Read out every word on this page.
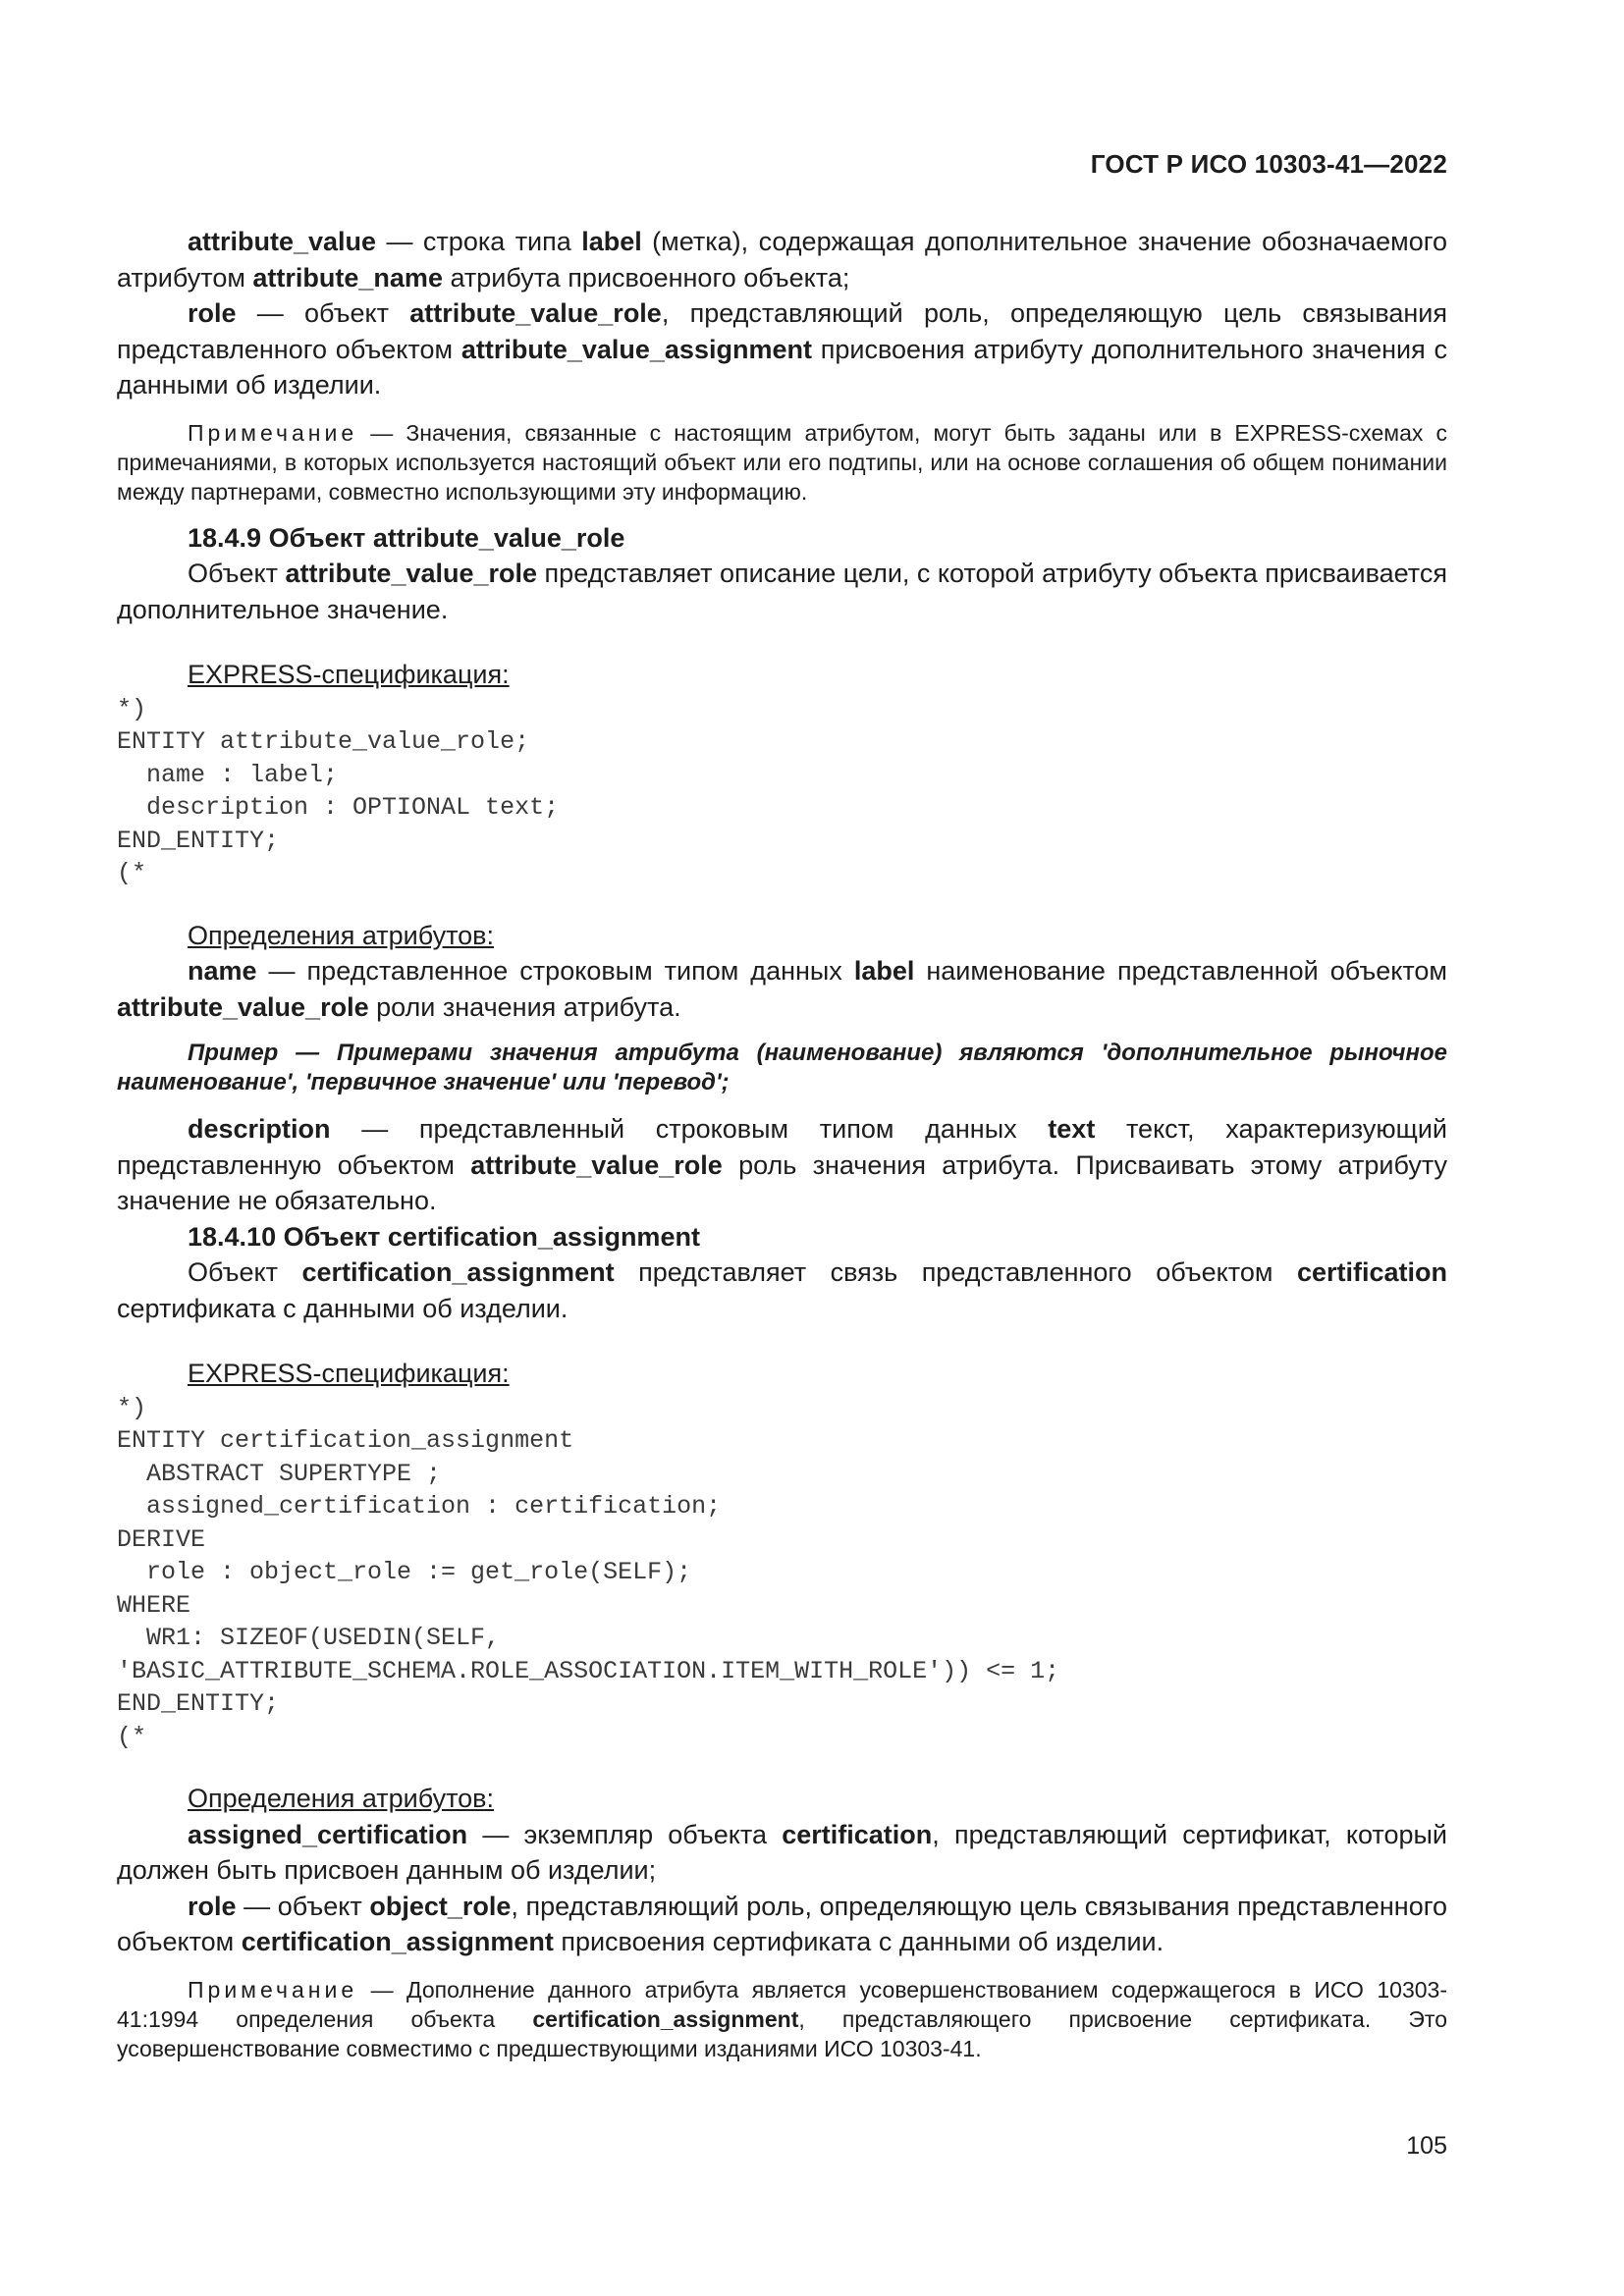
ГОСТ Р ИСО 10303-41—2022

attribute_value — строка типа label (метка), содержащая дополнительное значение обозначаемого атрибутом attribute_name атрибута присвоенного объекта;

role — объект attribute_value_role, представляющий роль, определяющую цель связывания представленного объектом attribute_value_assignment присвоения атрибуту дополнительного значения с данными об изделии.

Примечание — Значения, связанные с настоящим атрибутом, могут быть заданы или в EXPRESS-схемах с примечаниями, в которых используется настоящий объект или его подтипы, или на основе соглашения об общем понимании между партнерами, совместно использующими эту информацию.

18.4.9 Объект attribute_value_role

Объект attribute_value_role представляет описание цели, с которой атрибуту объекта присваивается дополнительное значение.

EXPRESS-спецификация:
*)
ENTITY attribute_value_role;
name : label;
description : OPTIONAL text;
END_ENTITY;
(*
Определения атрибутов:

name — представленное строковым типом данных label наименование представленной объектом attribute_value_role роли значения атрибута.

Пример — Примерами значения атрибута (наименование) являются 'дополнительное рыночное наименование', 'первичное значение' или 'перевод';

description — представленный строковым типом данных text текст, характеризующий представленную объектом attribute_value_role роль значения атрибута. Присваивать этому атрибуту значение не обязательно.

18.4.10 Объект certification_assignment

Объект certification_assignment представляет связь представленного объектом certification сертификата с данными об изделии.

EXPRESS-спецификация:
*)
ENTITY certification_assignment
ABSTRACT SUPERTYPE ;
assigned_certification : certification;
DERIVE
role : object_role := get_role(SELF);
WHERE
WR1: SIZEOF(USEDIN(SELF,
'BASIC_ATTRIBUTE_SCHEMA.ROLE_ASSOCIATION.ITEM_WITH_ROLE')) <= 1;
END_ENTITY;
(*
Определения атрибутов:

assigned_certification — экземпляр объекта certification, представляющий сертификат, который должен быть присвоен данным об изделии;

role — объект object_role, представляющий роль, определяющую цель связывания представленного объектом certification_assignment присвоения сертификата с данными об изделии.

Примечание — Дополнение данного атрибута является усовершенствованием содержащегося в ИСО 10303-41:1994 определения объекта certification_assignment, представляющего присвоение сертификата. Это усовершенствование совместимо с предшествующими изданиями ИСО 10303-41.

105
